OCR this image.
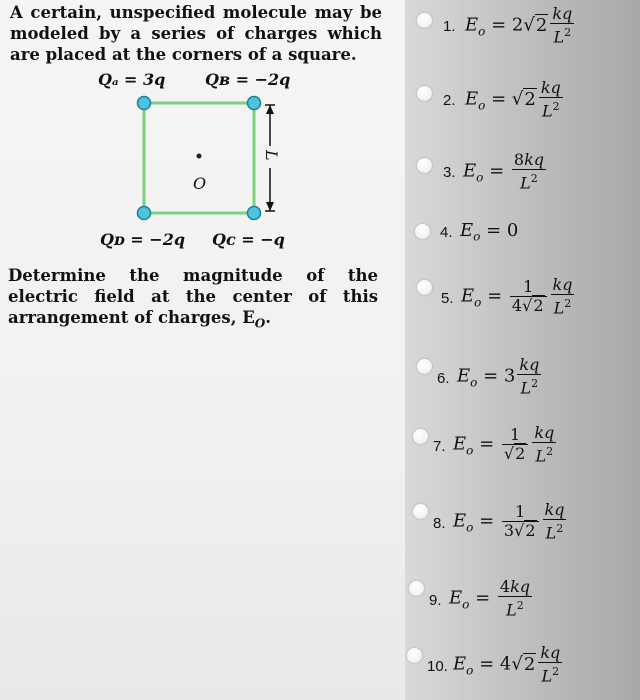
A certain, unspecified molecule may be modeled by a series of charges which are placed at the corners of a square.
Qₐ = 3q Qʙ = −2q
O
L
Qᴅ = −2q Qᴄ = −q
Determine the magnitude of the electric field at the center of this arrangement of charges, $E_O$.
1. $E_o = 2√2 \frac{kq}{L^2}$
2. $E_o = √2 \frac{kq}{L^2}$
3. $E_o = \frac{8kq}{L^2}$
4. $E_o = 0$
5. $E_o = \frac{1}{4√2} \frac{kq}{L^2}$
6. $E_o = 3 \frac{kq}{L^2}$
7. $E_o = \frac{1}{√2} \frac{kq}{L^2}$
8. $E_o = \frac{1}{3√2} \frac{kq}{L^2}$
9. $E_o = \frac{4kq}{L^2}$
10. $E_o = 4√2 \frac{kq}{L^2}$
